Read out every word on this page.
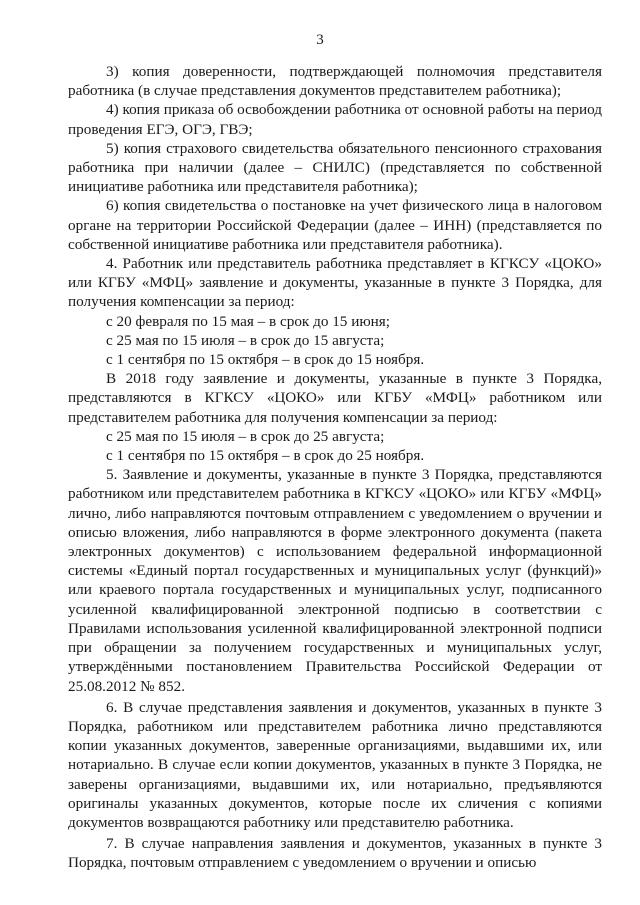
3

3) копия доверенности, подтверждающей полномочия представителя работника (в случае представления документов представителем работника);

4) копия приказа об освобождении работника от основной работы на период проведения ЕГЭ, ОГЭ, ГВЭ;

5) копия страхового свидетельства обязательного пенсионного страхования работника при наличии (далее – СНИЛС) (представляется по собственной инициативе работника или представителя работника);

6) копия свидетельства о постановке на учет физического лица в налоговом органе на территории Российской Федерации (далее – ИНН) (представляется по собственной инициативе работника или представителя работника).

4. Работник или представитель работника представляет в КГКСУ «ЦОКО» или КГБУ «МФЦ» заявление и документы, указанные в пункте 3 Порядка, для получения компенсации за период:

с 20 февраля по 15 мая – в срок до 15 июня;

с 25 мая по 15 июля – в срок до 15 августа;

с 1 сентября по 15 октября – в срок до 15 ноября.

В 2018 году заявление и документы, указанные в пункте 3 Порядка, представляются в КГКСУ «ЦОКО» или КГБУ «МФЦ» работником или представителем работника для получения компенсации за период:

с 25 мая по 15 июля – в срок до 25 августа;

с 1 сентября по 15 октября – в срок до 25 ноября.

5. Заявление и документы, указанные в пункте 3 Порядка, представляются работником или представителем работника в КГКСУ «ЦОКО» или КГБУ «МФЦ» лично, либо направляются почтовым отправлением с уведомлением о вручении и описью вложения, либо направляются в форме электронного документа (пакета электронных документов) с использованием федеральной информационной системы «Единый портал государственных и муниципальных услуг (функций)» или краевого портала государственных и муниципальных услуг, подписанного усиленной квалифицированной электронной подписью в соответствии с Правилами использования усиленной квалифицированной электронной подписи при обращении за получением государственных и муниципальных услуг, утверждёнными постановлением Правительства Российской Федерации от 25.08.2012 № 852.

6. В случае представления заявления и документов, указанных в пункте 3 Порядка, работником или представителем работника лично представляются копии указанных документов, заверенные организациями, выдавшими их, или нотариально. В случае если копии документов, указанных в пункте 3 Порядка, не заверены организациями, выдавшими их, или нотариально, предъявляются оригиналы указанных документов, которые после их сличения с копиями документов возвращаются работнику или представителю работника.

7. В случае направления заявления и документов, указанных в пункте 3 Порядка, почтовым отправлением с уведомлением о вручении и описью
